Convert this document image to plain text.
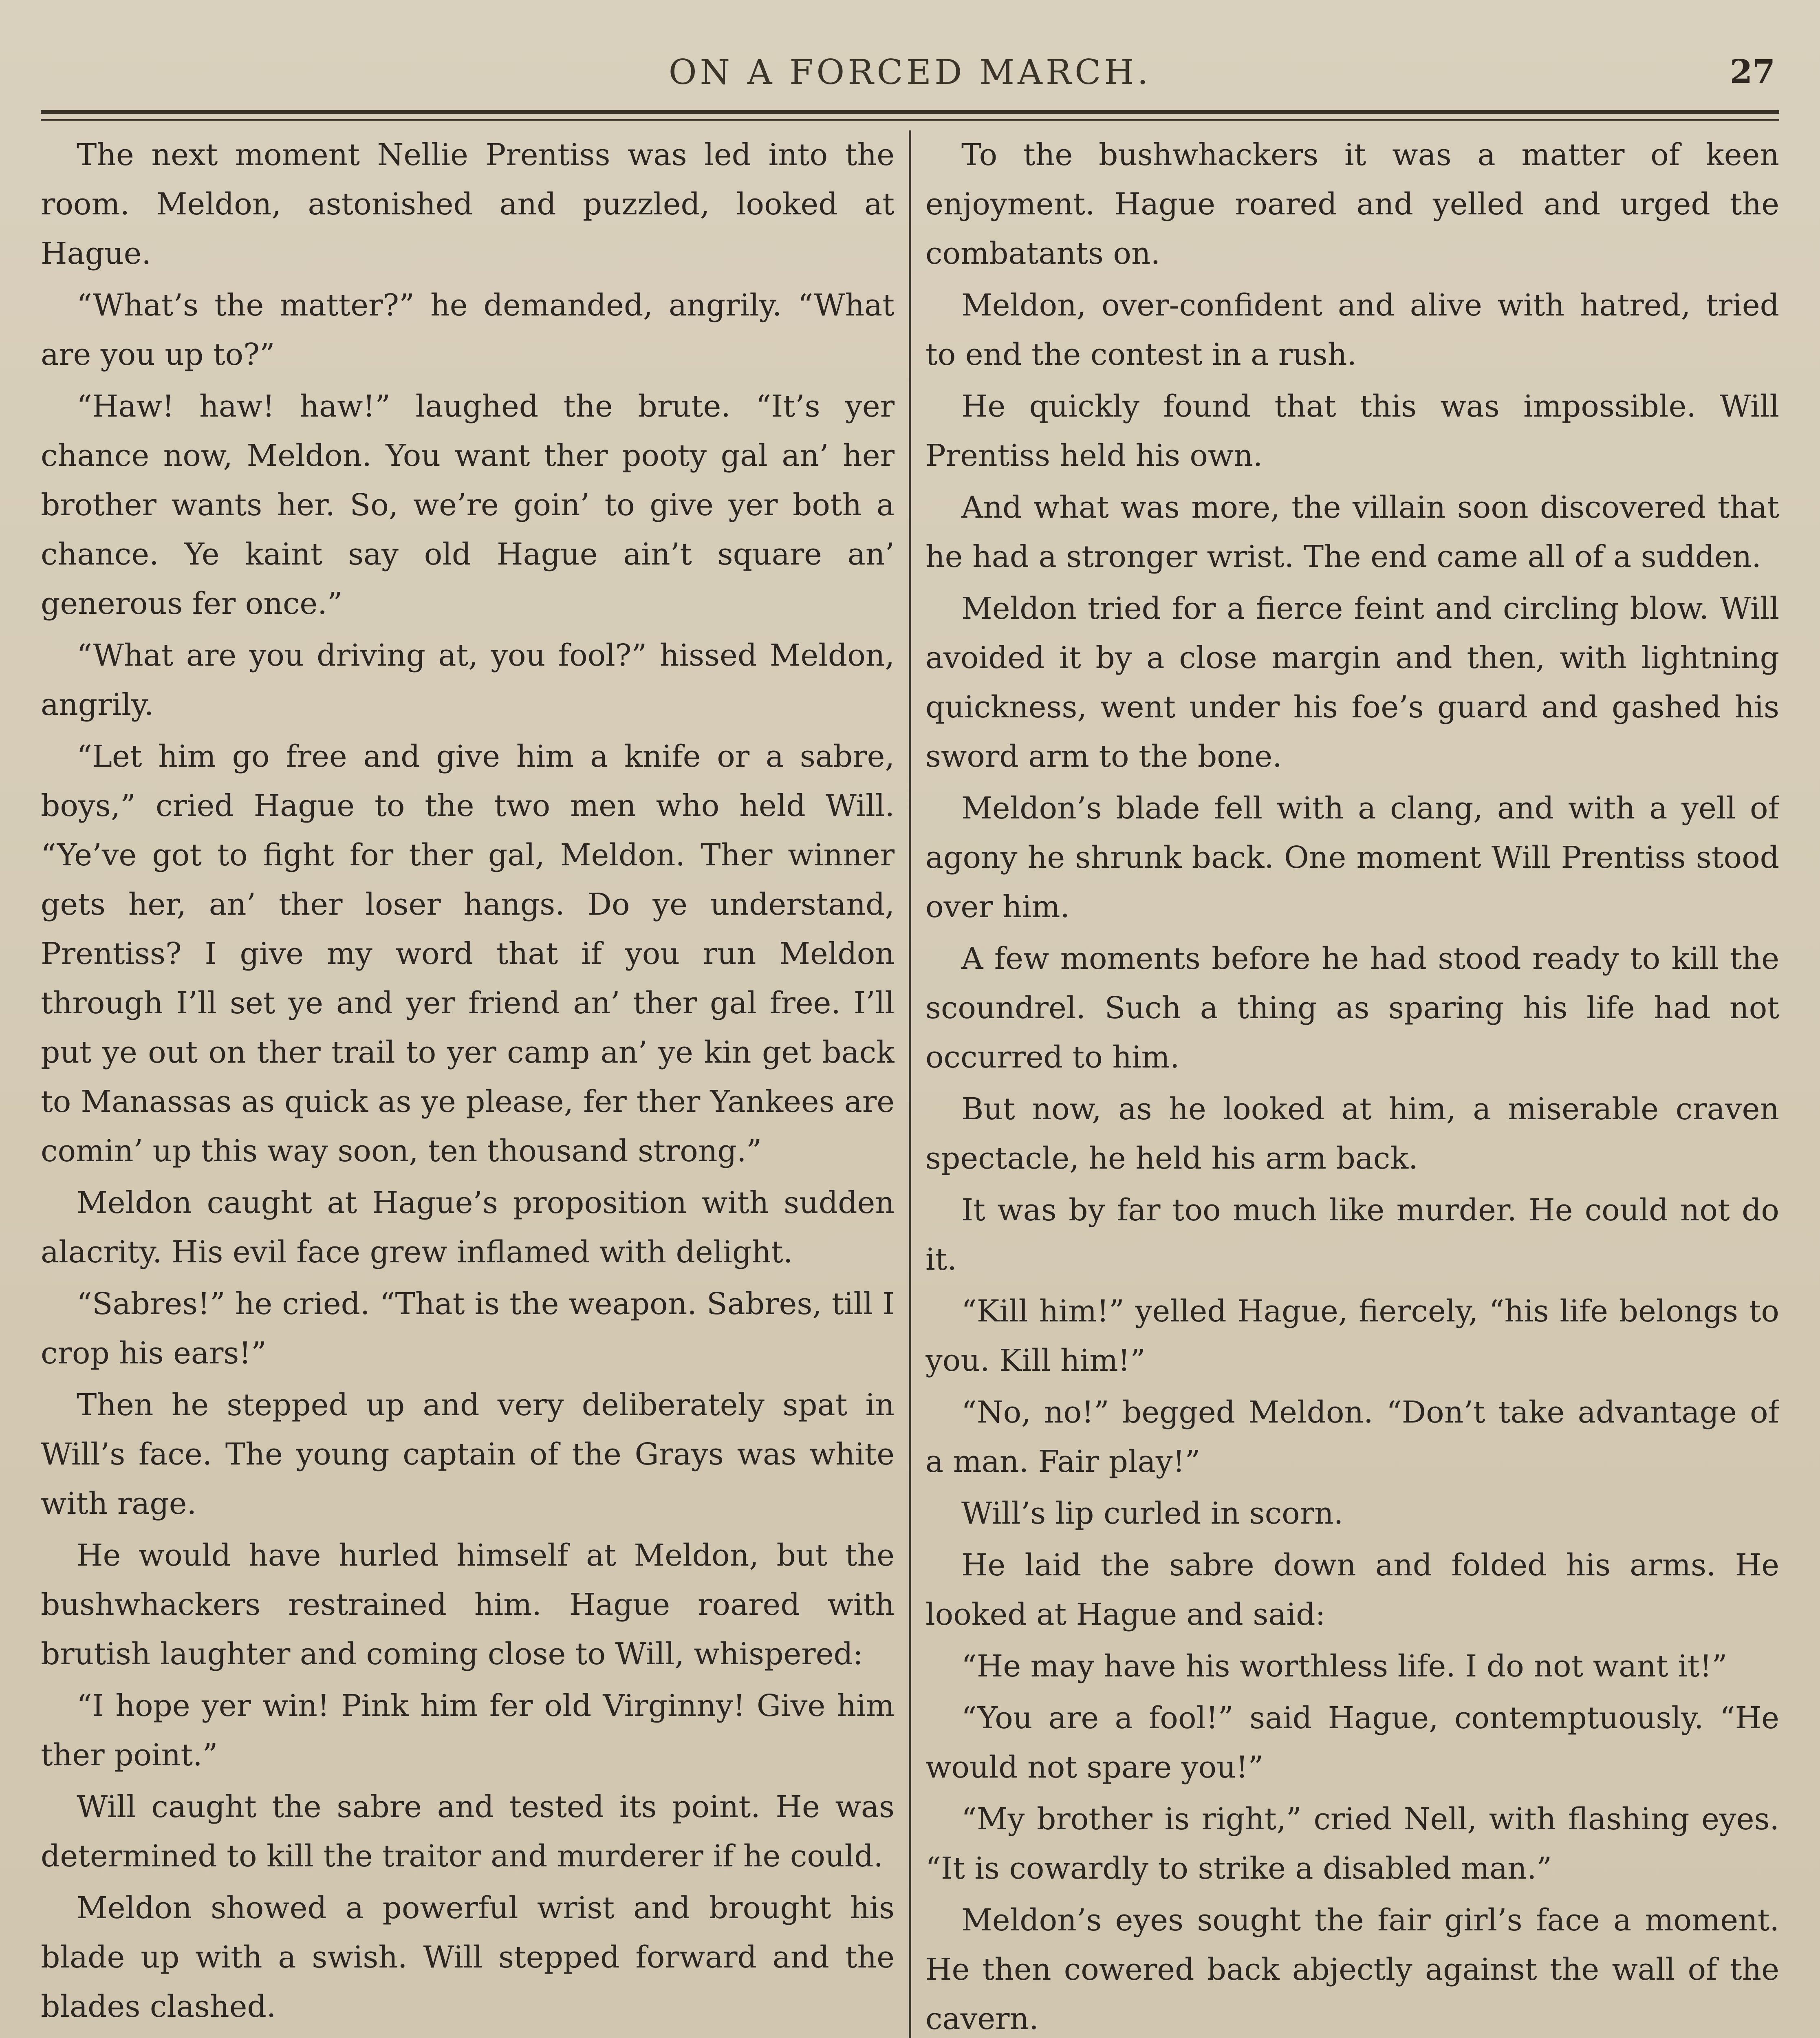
ON A FORCED MARCH.	27

The next moment Nellie Prentiss was led into the room. Meldon, astonished and puzzled, looked at Hague.

“What’s the matter?” he demanded, angrily. “What are you up to?”

“Haw! haw! haw!” laughed the brute. “It’s yer chance now, Meldon. You want ther pooty gal an’ her brother wants her. So, we’re goin’ to give yer both a chance. Ye kaint say old Hague ain’t square an’ generous fer once.”

“What are you driving at, you fool?” hissed Meldon, angrily.

“Let him go free and give him a knife or a sabre, boys,” cried Hague to the two men who held Will. “Ye’ve got to fight for ther gal, Meldon. Ther winner gets her, an’ ther loser hangs. Do ye understand, Prentiss? I give my word that if you run Meldon through I’ll set ye and yer friend an’ ther gal free. I’ll put ye out on ther trail to yer camp an’ ye kin get back to Manassas as quick as ye please, fer ther Yankees are comin’ up this way soon, ten thousand strong.”

Meldon caught at Hague’s proposition with sudden alacrity. His evil face grew inflamed with delight.

“Sabres!” he cried. “That is the weapon. Sabres, till I crop his ears!”

Then he stepped up and very deliberately spat in Will’s face. The young captain of the Grays was white with rage.

He would have hurled himself at Meldon, but the bushwhackers restrained him. Hague roared with brutish laughter and coming close to Will, whispered:

“I hope yer win! Pink him fer old Virginny! Give him ther point.”

Will caught the sabre and tested its point. He was determined to kill the traitor and murderer if he could.

Meldon showed a powerful wrist and brought his blade up with a swish. Will stepped forward and the blades clashed.

To the bushwhackers it was a matter of keen enjoyment. Hague roared and yelled and urged the combatants on.

Meldon, over-confident and alive with hatred, tried to end the contest in a rush.

He quickly found that this was impossible. Will Prentiss held his own.

And what was more, the villain soon discovered that he had a stronger wrist. The end came all of a sudden.

Meldon tried for a fierce feint and circling blow. Will avoided it by a close margin and then, with lightning quickness, went under his foe’s guard and gashed his sword arm to the bone.

Meldon’s blade fell with a clang, and with a yell of agony he shrunk back. One moment Will Prentiss stood over him.

A few moments before he had stood ready to kill the scoundrel. Such a thing as sparing his life had not occurred to him.

But now, as he looked at him, a miserable craven spectacle, he held his arm back.

It was by far too much like murder. He could not do it.

“Kill him!” yelled Hague, fiercely, “his life belongs to you. Kill him!”

“No, no!” begged Meldon. “Don’t take advantage of a man. Fair play!”

Will’s lip curled in scorn.

He laid the sabre down and folded his arms. He looked at Hague and said:

“He may have his worthless life. I do not want it!”

“You are a fool!” said Hague, contemptuously. “He would not spare you!”

“My brother is right,” cried Nell, with flashing eyes. “It is cowardly to strike a disabled man.”

Meldon’s eyes sought the fair girl’s face a moment. He then cowered back abjectly against the wall of the cavern.
